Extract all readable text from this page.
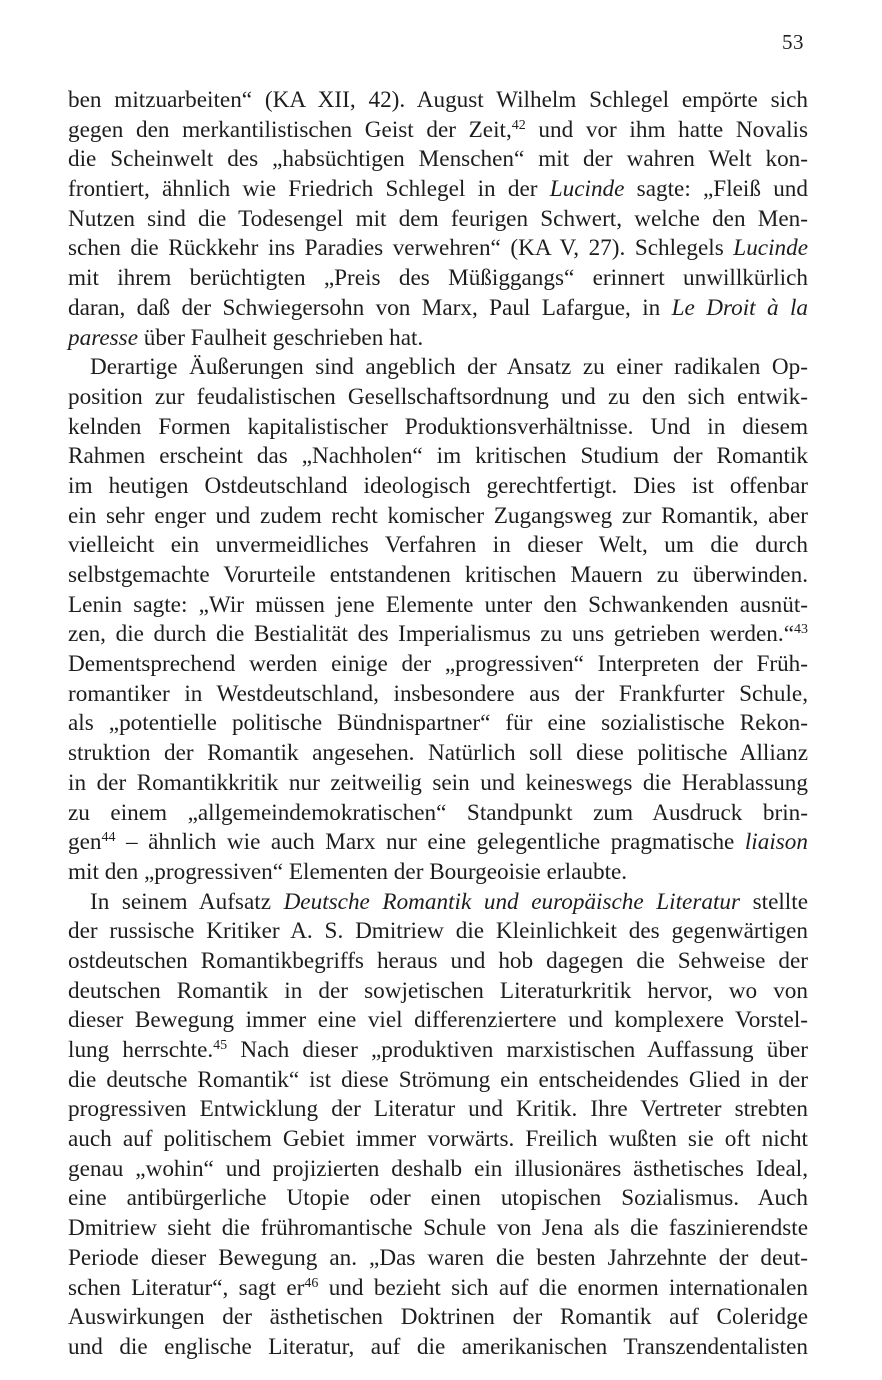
53
ben mitzuarbeiten“ (KA XII, 42). August Wilhelm Schlegel empörte sich
gegen den merkantilistischen Geist der Zeit,$^{42}$ und vor ihm hatte Novalis
die Scheinwelt des „habsüchtigen Menschen“ mit der wahren Welt kon-
frontiert, ähnlich wie Friedrich Schlegel in der Lucinde sagte: „Fleiß und
Nutzen sind die Todesengel mit dem feurigen Schwert, welche den Men-
schen die Rückkehr ins Paradies verwehren“ (KA V, 27). Schlegels Lucinde
mit ihrem berüchtigten „Preis des Müßiggangs“ erinnert unwillkürlich
daran, daß der Schwiegersohn von Marx, Paul Lafargue, in Le Droit à la
paresse über Faulheit geschrieben hat.
Derartige Äußerungen sind angeblich der Ansatz zu einer radikalen Op-
position zur feudalistischen Gesellschaftsordnung und zu den sich entwik-
kelnden Formen kapitalistischer Produktionsverhältnisse. Und in diesem
Rahmen erscheint das „Nachholen“ im kritischen Studium der Romantik
im heutigen Ostdeutschland ideologisch gerechtfertigt. Dies ist offenbar
ein sehr enger und zudem recht komischer Zugangsweg zur Romantik, aber
vielleicht ein unvermeidliches Verfahren in dieser Welt, um die durch
selbstgemachte Vorurteile entstandenen kritischen Mauern zu überwinden.
Lenin sagte: „Wir müssen jene Elemente unter den Schwankenden ausnüt-
zen, die durch die Bestialität des Imperialismus zu uns getrieben werden.“$^{43}$
Dementsprechend werden einige der „progressiven“ Interpreten der Früh-
romantiker in Westdeutschland, insbesondere aus der Frankfurter Schule,
als „potentielle politische Bündnispartner“ für eine sozialistische Rekon-
struktion der Romantik angesehen. Natürlich soll diese politische Allianz
in der Romantikkritik nur zeitweilig sein und keineswegs die Herablassung
zu einem „allgemeindemokratischen“ Standpunkt zum Ausdruck brin-
gen$^{44}$ – ähnlich wie auch Marx nur eine gelegentliche pragmatische liaison
mit den „progressiven“ Elementen der Bourgeoisie erlaubte.
In seinem Aufsatz Deutsche Romantik und europäische Literatur stellte
der russische Kritiker A. S. Dmitriew die Kleinlichkeit des gegenwärtigen
ostdeutschen Romantikbegriffs heraus und hob dagegen die Sehweise der
deutschen Romantik in der sowjetischen Literaturkritik hervor, wo von
dieser Bewegung immer eine viel differenziertere und komplexere Vorstel-
lung herrschte.$^{45}$ Nach dieser „produktiven marxistischen Auffassung über
die deutsche Romantik“ ist diese Strömung ein entscheidendes Glied in der
progressiven Entwicklung der Literatur und Kritik. Ihre Vertreter strebten
auch auf politischem Gebiet immer vorwärts. Freilich wußten sie oft nicht
genau „wohin“ und projizierten deshalb ein illusionäres ästhetisches Ideal,
eine antibürgerliche Utopie oder einen utopischen Sozialismus. Auch
Dmitriew sieht die frühromantische Schule von Jena als die faszinierendste
Periode dieser Bewegung an. „Das waren die besten Jahrzehnte der deut-
schen Literatur“, sagt $er^{46}$ und bezieht sich auf die enormen internationalen
Auswirkungen der ästhetischen Doktrinen der Romantik auf Coleridge
und die englische Literatur, auf die amerikanischen Transzendentalisten
